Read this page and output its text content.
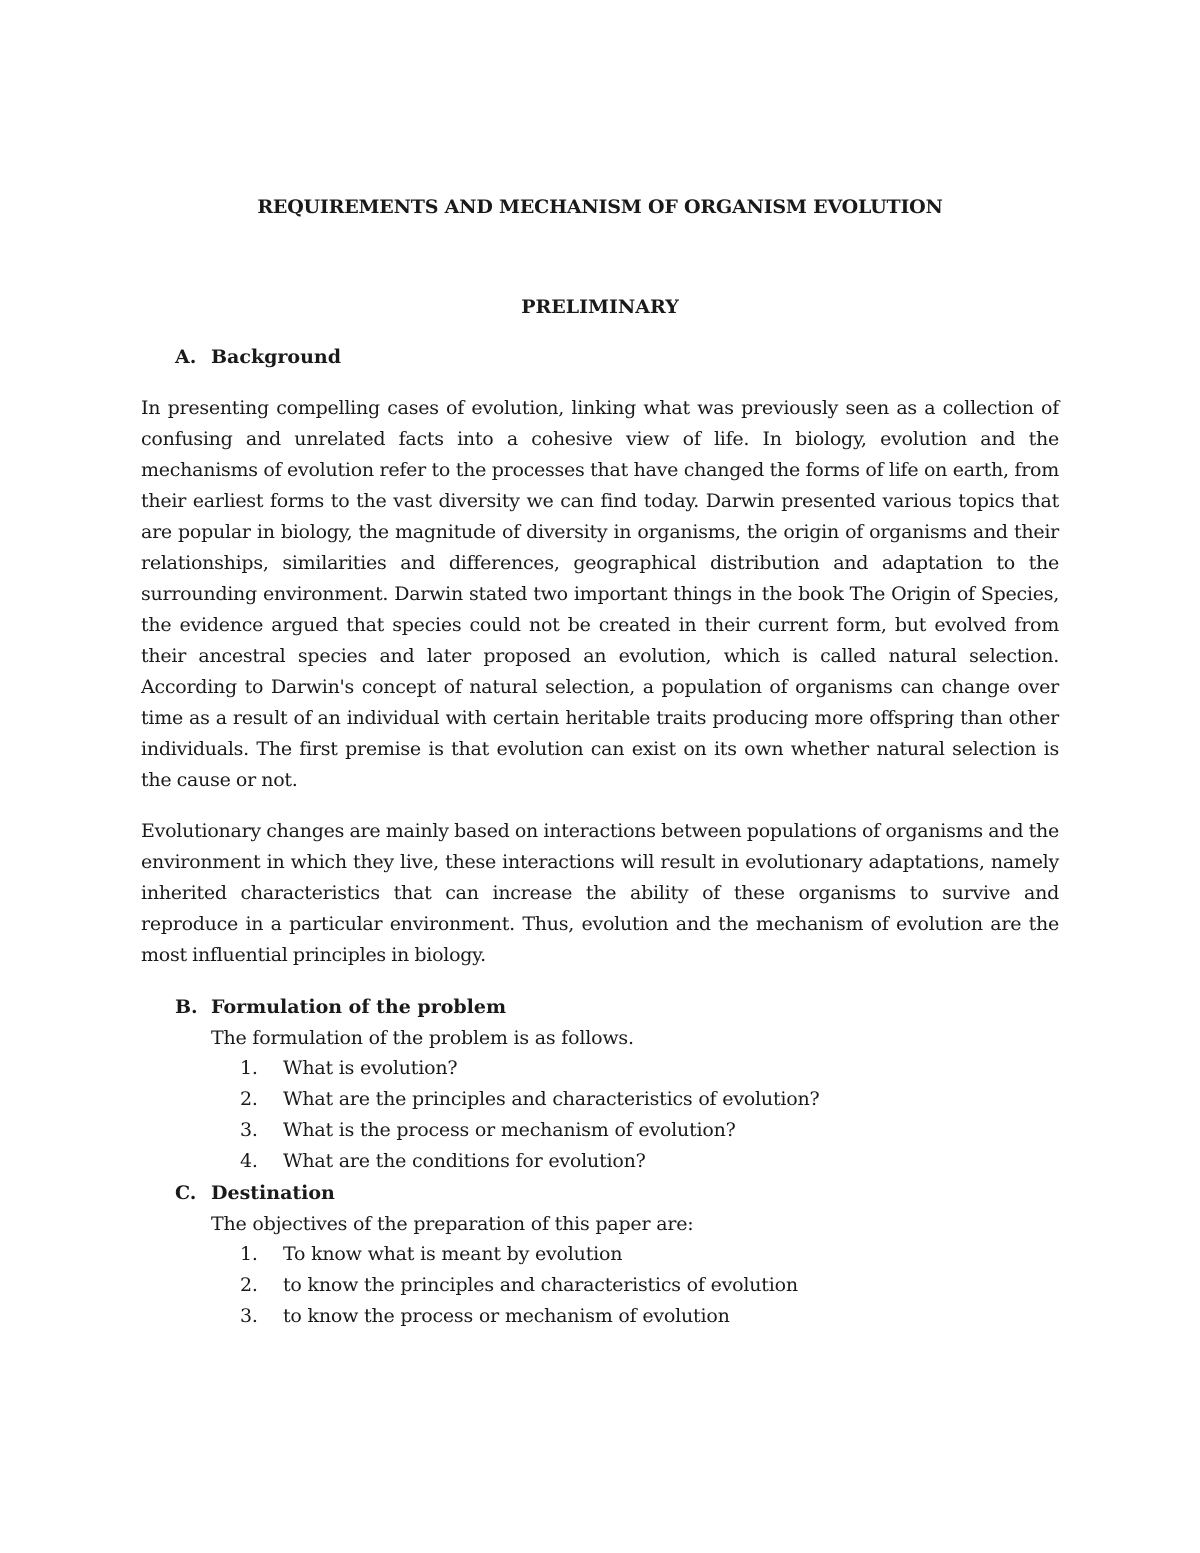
REQUIREMENTS AND MECHANISM OF ORGANISM EVOLUTION
PRELIMINARY
A. Background

In presenting compelling cases of evolution, linking what was previously seen as a collection of confusing and unrelated facts into a cohesive view of life. In biology, evolution and the mechanisms of evolution refer to the processes that have changed the forms of life on earth, from their earliest forms to the vast diversity we can find today. Darwin presented various topics that are popular in biology, the magnitude of diversity in organisms, the origin of organisms and their relationships, similarities and differences, geographical distribution and adaptation to the surrounding environment. Darwin stated two important things in the book The Origin of Species, the evidence argued that species could not be created in their current form, but evolved from their ancestral species and later proposed an evolution, which is called natural selection. According to Darwin's concept of natural selection, a population of organisms can change over time as a result of an individual with certain heritable traits producing more offspring than other individuals. The first premise is that evolution can exist on its own whether natural selection is the cause or not.

Evolutionary changes are mainly based on interactions between populations of organisms and the environment in which they live, these interactions will result in evolutionary adaptations, namely inherited characteristics that can increase the ability of these organisms to survive and reproduce in a particular environment. Thus, evolution and the mechanism of evolution are the most influential principles in biology.

B. Formulation of the problem
The formulation of the problem is as follows.
1. What is evolution?
2. What are the principles and characteristics of evolution?
3. What is the process or mechanism of evolution?
4. What are the conditions for evolution?
C. Destination
The objectives of the preparation of this paper are:
1. To know what is meant by evolution
2. to know the principles and characteristics of evolution
3. to know the process or mechanism of evolution
